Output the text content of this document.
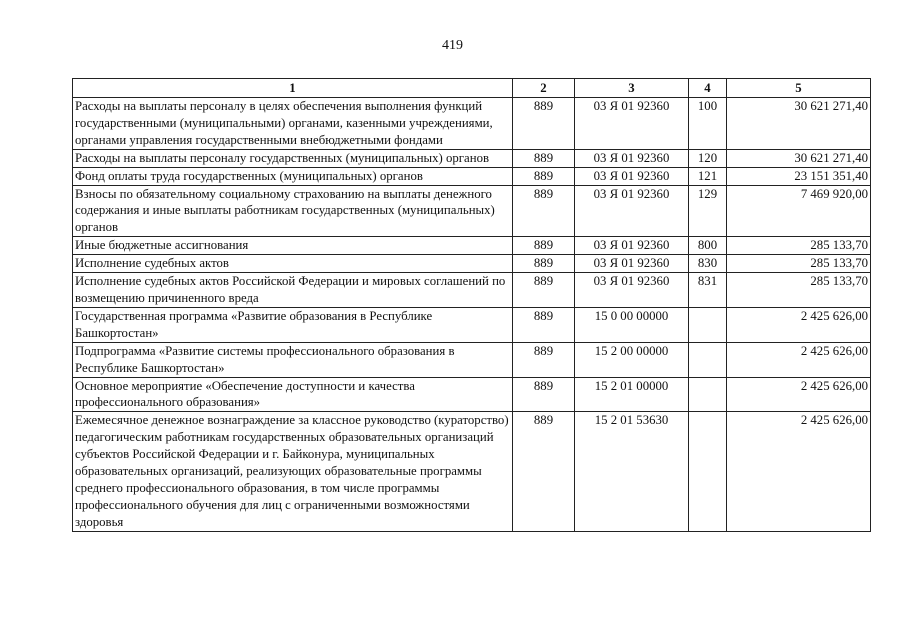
419
1	2	3	4	5
Расходы на выплаты персоналу в целях обеспечения выполнения функций государственными (муниципальными) органами, казенными учреждениями, органами управления государственными внебюджетными фондами	889	03 Я 01 92360	100	30 621 271,40
Расходы на выплаты персоналу государственных (муниципальных) органов	889	03 Я 01 92360	120	30 621 271,40
Фонд оплаты труда государственных (муниципальных) органов	889	03 Я 01 92360	121	23 151 351,40
Взносы по обязательному социальному страхованию на выплаты денежного содержания и иные выплаты работникам государственных (муниципальных) органов	889	03 Я 01 92360	129	7 469 920,00
Иные бюджетные ассигнования	889	03 Я 01 92360	800	285 133,70
Исполнение судебных актов	889	03 Я 01 92360	830	285 133,70
Исполнение судебных актов Российской Федерации и мировых соглашений по возмещению причиненного вреда	889	03 Я 01 92360	831	285 133,70
Государственная программа «Развитие образования в Республике Башкортостан»	889	15 0 00 00000		2 425 626,00
Подпрограмма «Развитие системы профессионального образования в Республике Башкортостан»	889	15 2 00 00000		2 425 626,00
Основное мероприятие «Обеспечение доступности и качества профессионального образования»	889	15 2 01 00000		2 425 626,00
Ежемесячное денежное вознаграждение за классное руководство (кураторство) педагогическим работникам государственных образовательных организаций субъектов Российской Федерации и г. Байконура, муниципальных образовательных организаций, реализующих образовательные программы среднего профессионального образования, в том числе программы профессионального обучения для лиц с ограниченными возможностями здоровья	889	15 2 01 53630		2 425 626,00
